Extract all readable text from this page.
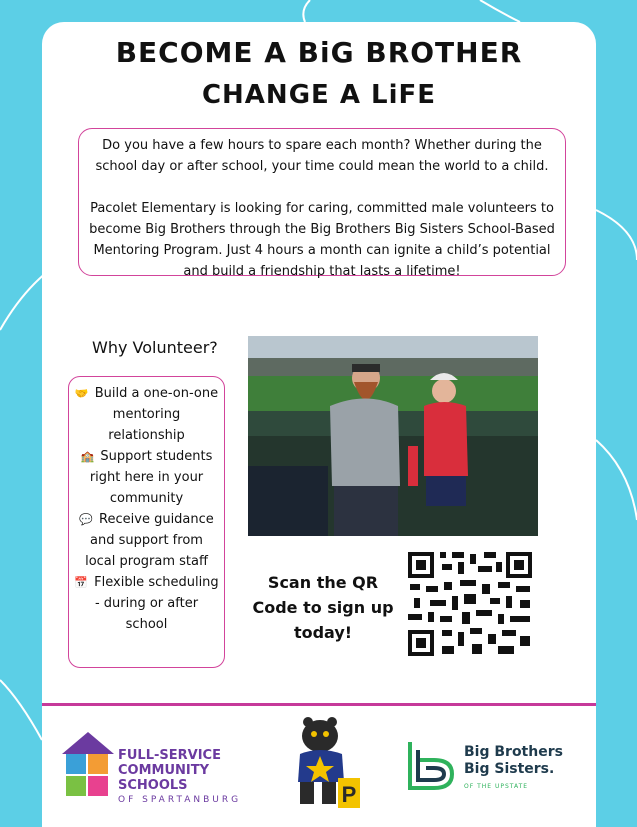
BECOME A BiG BROTHER
CHANGE A LiFE

Do you have a few hours to spare each month? Whether during the school day or after school, your time could mean the world to a child.

Pacolet Elementary is looking for caring, committed male volunteers to become Big Brothers through the Big Brothers Big Sisters School-Based Mentoring Program. Just 4 hours a month can ignite a child’s potential and build a friendship that lasts a lifetime!

Why Volunteer?
🤝 Build a one-on-one mentoring relationship
🏫 Support students right here in your community
💬 Receive guidance and support from local program staff
📅 Flexible scheduling - during or after school
Scan the QR Code to sign up today!
FULL-SERVICE
COMMUNITY SCHOOLS
OF SPARTANBURG	P
Big Brothers
Big Sisters.
OF THE UPSTATE
